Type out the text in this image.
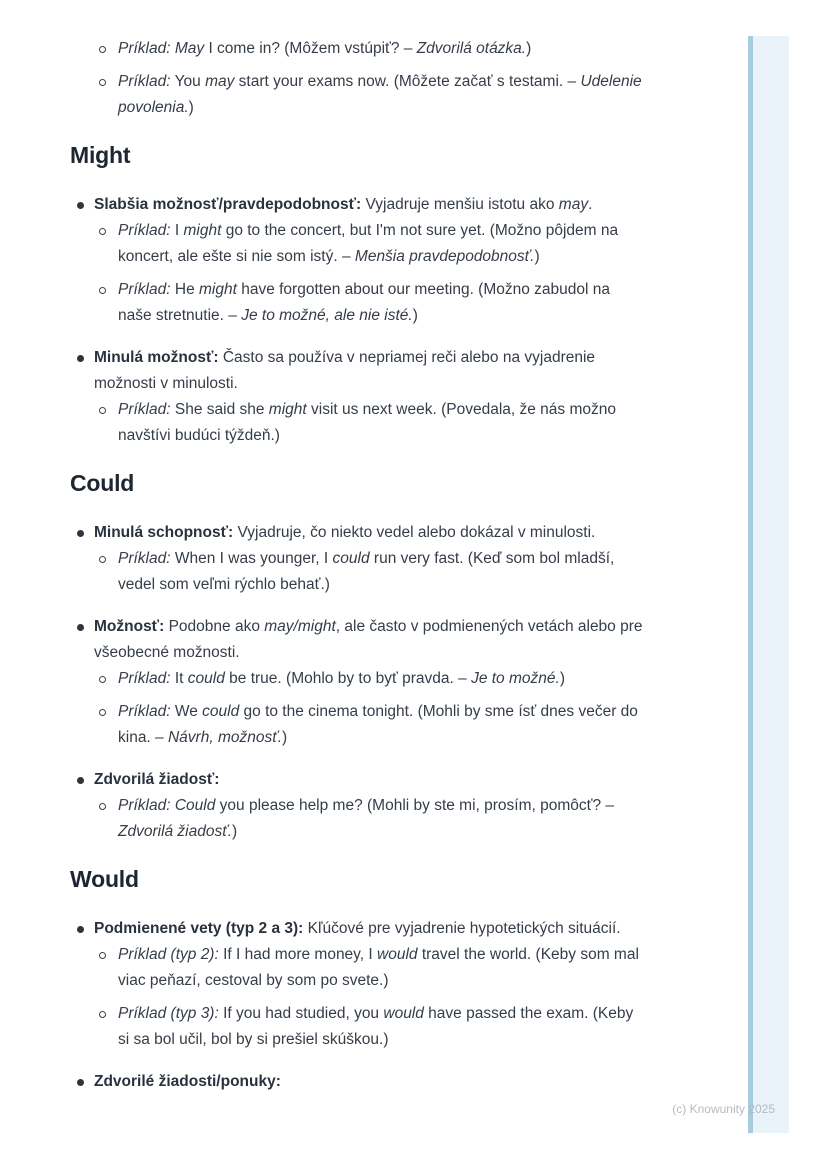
Príklad: May I come in? (Môžem vstúpiť? – Zdvorilá otázka.)
Príklad: You may start your exams now. (Môžete začať s testami. – Udelenie povolenia.)
Might
Slabšia možnosť/pravdepodobnosť: Vyjadruje menšiu istotu ako may.
Príklad: I might go to the concert, but I'm not sure yet. (Možno pôjdem na koncert, ale ešte si nie som istý. – Menšia pravdepodobnosť.)
Príklad: He might have forgotten about our meeting. (Možno zabudol na naše stretnutie. – Je to možné, ale nie isté.)
Minulá možnosť: Často sa používa v nepriamej reči alebo na vyjadrenie možnosti v minulosti.
Príklad: She said she might visit us next week. (Povedala, že nás možno navštívi budúci týždeň.)
Could
Minulá schopnosť: Vyjadruje, čo niekto vedel alebo dokázal v minulosti.
Príklad: When I was younger, I could run very fast. (Keď som bol mladší, vedel som veľmi rýchlo behať.)
Možnosť: Podobne ako may/might, ale často v podmienených vetách alebo pre všeobecné možnosti.
Príklad: It could be true. (Mohlo by to byť pravda. – Je to možné.)
Príklad: We could go to the cinema tonight. (Mohli by sme ísť dnes večer do kina. – Návrh, možnosť.)
Zdvorilá žiadosť:
Príklad: Could you please help me? (Mohli by ste mi, prosím, pomôcť? – Zdvorilá žiadosť.)
Would
Podmienené vety (typ 2 a 3): Kľúčové pre vyjadrenie hypotetických situácií.
Príklad (typ 2): If I had more money, I would travel the world. (Keby som mal viac peňazí, cestoval by som po svete.)
Príklad (typ 3): If you had studied, you would have passed the exam. (Keby si sa bol učil, bol by si prešiel skúškou.)
Zdvorilé žiadosti/ponuky:
(c) Knowunity 2025
